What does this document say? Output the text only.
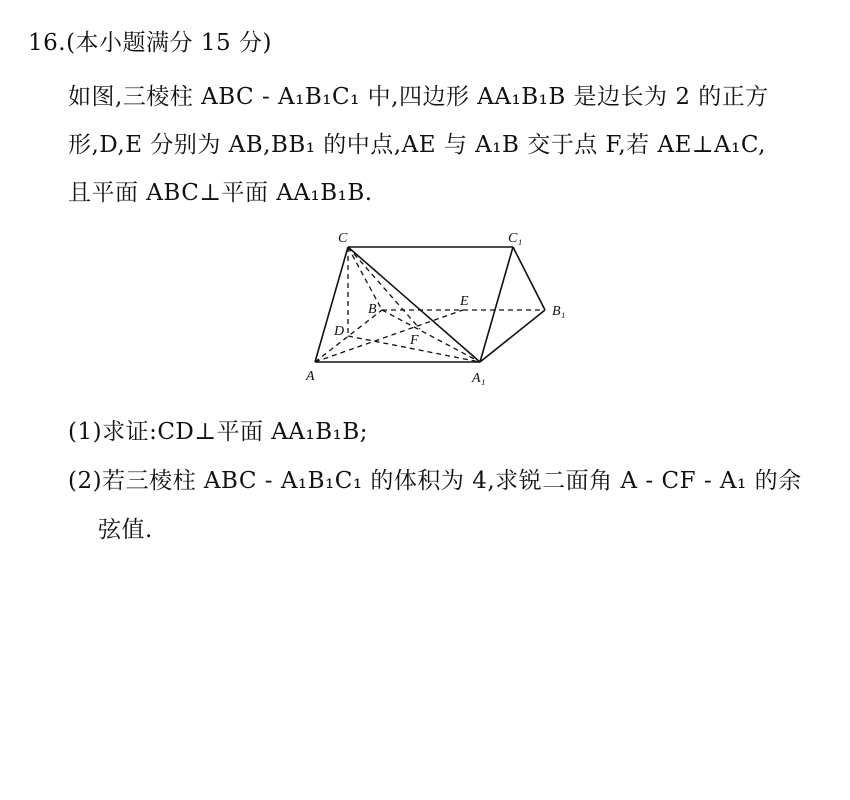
16.(本小题满分 15 分)
如图,三棱柱 ABC - A₁B₁C₁ 中,四边形 AA₁B₁B 是边长为 2 的正方
形,D,E 分别为 AB,BB₁ 的中点,AE 与 A₁B 交于点 F,若 AE⊥A₁C,
且平面 ABC⊥平面 AA₁B₁B.
C	C₁
B
E
B₁
D
F
A	A₁
(1)求证:CD⊥平面 AA₁B₁B;
(2)若三棱柱 ABC - A₁B₁C₁ 的体积为 4,求锐二面角 A - CF - A₁ 的余
弦值.
